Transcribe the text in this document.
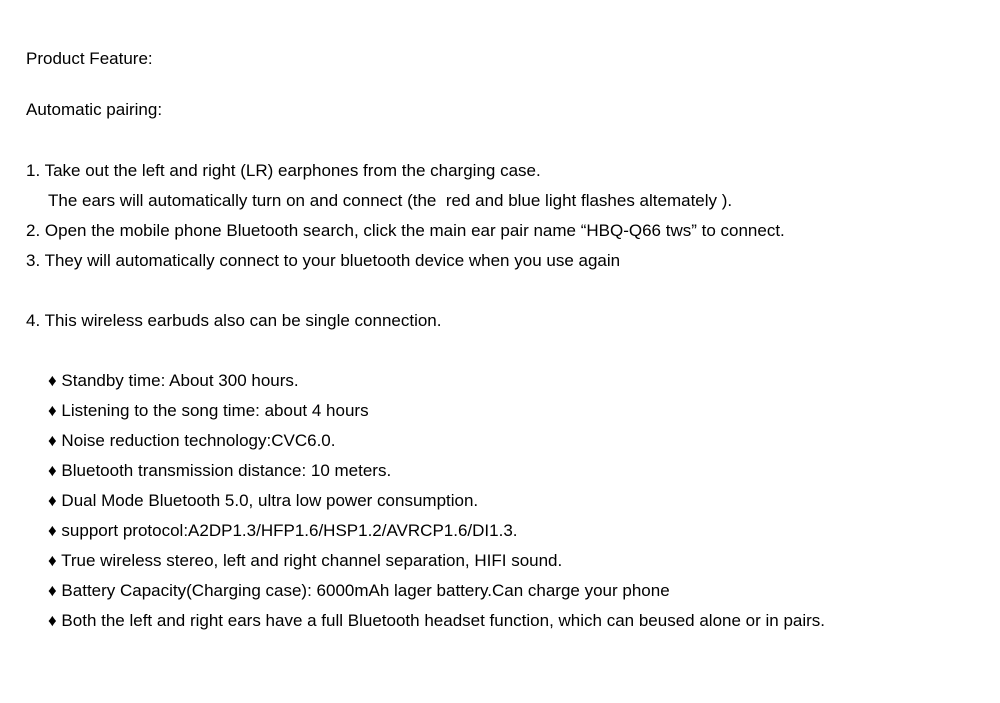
Product Feature:
Automatic pairing:
1. Take out the left and right (LR) earphones from the charging case.
The ears will automatically turn on and connect (the  red and blue light flashes altemately ).
2. Open the mobile phone Bluetooth search, click the main ear pair name “HBQ-Q66 tws” to connect.
3. They will automatically connect to your bluetooth device when you use again
4. This wireless earbuds also can be single connection.
♦ Standby time: About 300 hours.
♦ Listening to the song time: about 4 hours
♦ Noise reduction technology:CVC6.0.
♦ Bluetooth transmission distance: 10 meters.
♦ Dual Mode Bluetooth 5.0, ultra low power consumption.
♦ support protocol:A2DP1.3/HFP1.6/HSP1.2/AVRCP1.6/DI1.3.
♦ True wireless stereo, left and right channel separation, HIFI sound.
♦ Battery Capacity(Charging case): 6000mAh lager battery.Can charge your phone
♦ Both the left and right ears have a full Bluetooth headset function, which can beused alone or in pairs.
